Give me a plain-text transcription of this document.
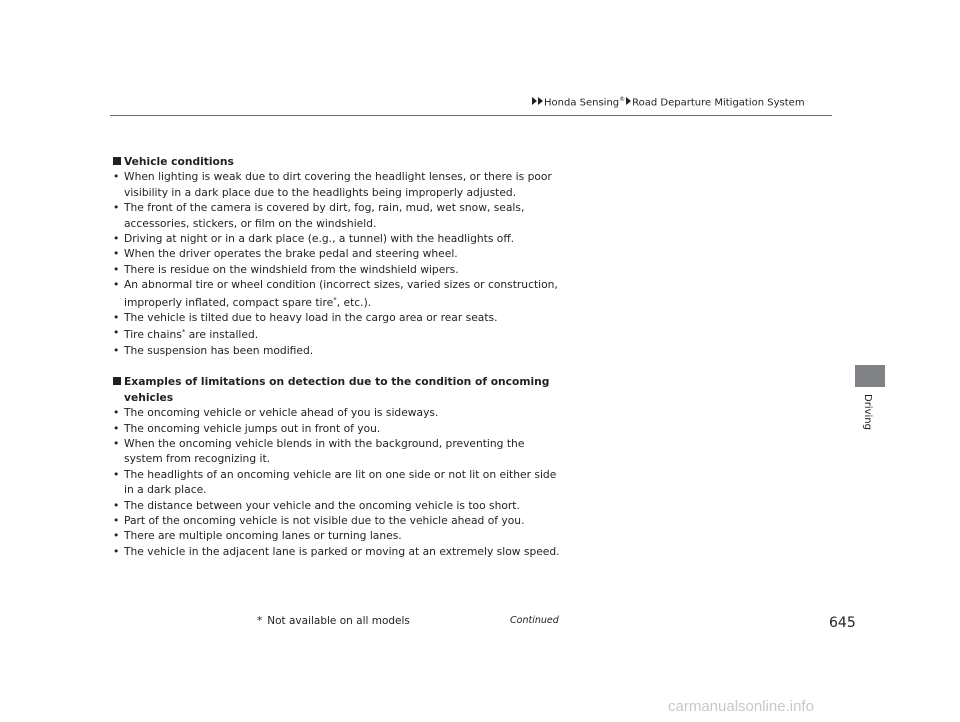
Honda Sensing® Road Departure Mitigation System
Driving
Vehicle conditions
• When lighting is weak due to dirt covering the headlight lenses, or there is poor visibility in a dark place due to the headlights being improperly adjusted.
• The front of the camera is covered by dirt, fog, rain, mud, wet snow, seals, accessories, stickers, or film on the windshield.
• Driving at night or in a dark place (e.g., a tunnel) with the headlights off.
• When the driver operates the brake pedal and steering wheel.
• There is residue on the windshield from the windshield wipers.
• An abnormal tire or wheel condition (incorrect sizes, varied sizes or construction, improperly inflated, compact spare tire*, etc.).
• The vehicle is tilted due to heavy load in the cargo area or rear seats.
• Tire chains* are installed.
• The suspension has been modified.
Examples of limitations on detection due to the condition of oncoming vehicles
• The oncoming vehicle or vehicle ahead of you is sideways.
• The oncoming vehicle jumps out in front of you.
• When the oncoming vehicle blends in with the background, preventing the system from recognizing it.
• The headlights of an oncoming vehicle are lit on one side or not lit on either side in a dark place.
• The distance between your vehicle and the oncoming vehicle is too short.
• Part of the oncoming vehicle is not visible due to the vehicle ahead of you.
• There are multiple oncoming lanes or turning lanes.
• The vehicle in the adjacent lane is parked or moving at an extremely slow speed.
* Not available on all models	Continued	645
carmanualsonline.info
